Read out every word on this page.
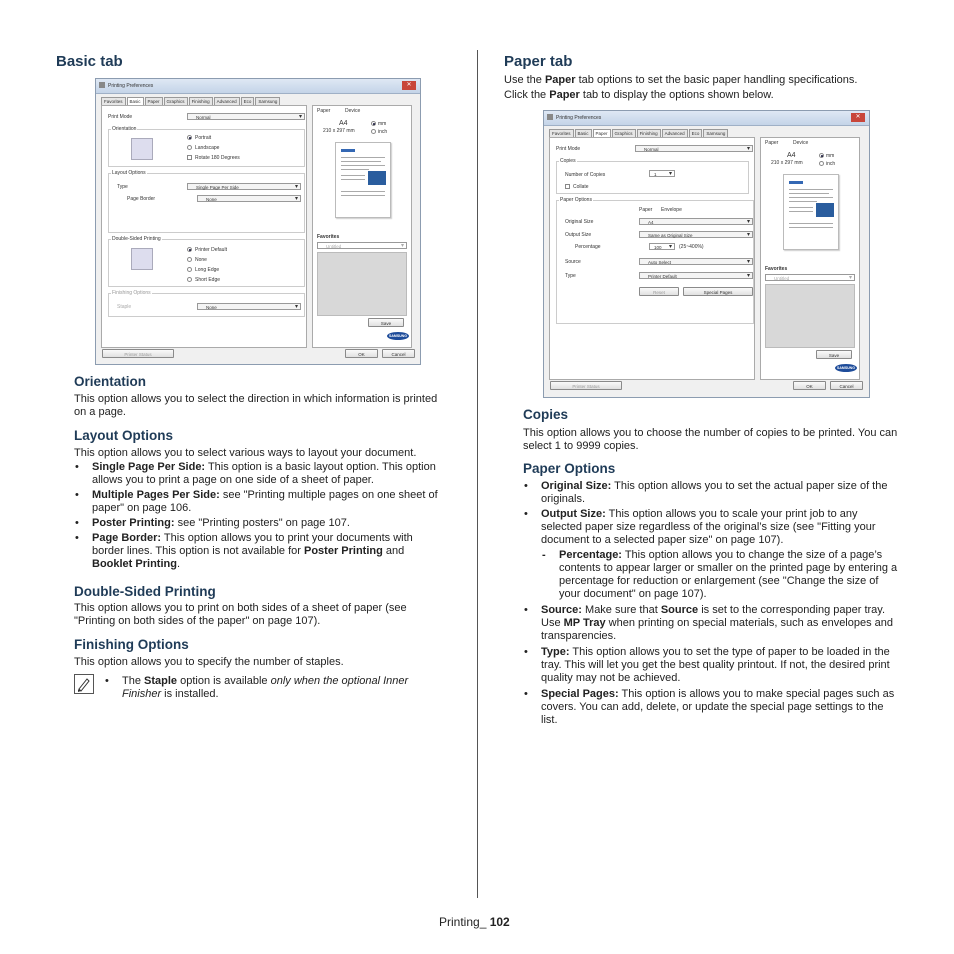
Basic tab
Printing Preferences	✕
Favorites	Basic	Paper	Graphics	Finishing	Advanced	Eco	Samsung
Print Mode	Normal ▾
Orientation
Portrait
Landscape
Rotate 180 Degrees
Layout Options
Type	Single Page Per Side ▾
Page Border	None ▾
Double-Sided Printing
Printer Default
None
Long Edge
Short Edge
Finishing Options
Staple	None ▾
Paper	Device
A4
210 x 297 mm
mm
inch
Favorites
Untitled ▾
Save
SAMSUNG
Printer Status	OK	Cancel
Orientation
This option allows you to select the direction in which information is printed on a page.
Layout Options
This option allows you to select various ways to layout your document.
• Single Page Per Side: This option is a basic layout option. This option allows you to print a page on one side of a sheet of paper.
• Multiple Pages Per Side: see "Printing multiple pages on one sheet of paper" on page 106.
• Poster Printing: see "Printing posters" on page 107.
• Page Border: This option allows you to print your documents with border lines. This option is not available for Poster Printing and Booklet Printing.
Double-Sided Printing
This option allows you to print on both sides of a sheet of paper (see "Printing on both sides of the paper" on page 107).
Finishing Options
This option allows you to specify the number of staples.
• The Staple option is available only when the optional Inner Finisher is installed.
Paper tab
Use the Paper tab options to set the basic paper handling specifications.
Click the Paper tab to display the options shown below.
Printing Preferences	✕
Favorites	Basic	Paper	Graphics	Finishing	Advanced	Eco	Samsung
Print Mode	Normal ▾
Copies
Number of Copies	1 ▾
Collate
Paper Options
Paper Envelope
Original Size	A4 ▾
Output Size	Same as Original Size ▾
Percentage	100 ▾	(25~400%)
Source	Auto Select ▾
Type	Printer Default ▾
Reset	Special Pages
Paper	Device
A4
210 x 297 mm
mm
inch
Favorites
Untitled ▾
Save
SAMSUNG
Printer Status	OK	Cancel
Copies
This option allows you to choose the number of copies to be printed. You can select 1 to 9999 copies.
Paper Options
• Original Size: This option allows you to set the actual paper size of the originals.
• Output Size: This option allows you to scale your print job to any selected paper size regardless of the original’s size (see "Fitting your document to a selected paper size" on page 107).
- Percentage: This option allows you to change the size of a page’s contents to appear larger or smaller on the printed page by entering a percentage for reduction or enlargement (see "Change the size of your document" on page 107).
• Source: Make sure that Source is set to the corresponding paper tray. Use MP Tray when printing on special materials, such as envelopes and transparencies.
• Type: This option allows you to set the type of paper to be loaded in the tray. This will let you get the best quality printout. If not, the desired print quality may not be achieved.
• Special Pages: This option is allows you to make special pages such as covers. You can add, delete, or update the special page settings to the list.
Printing_ 102
